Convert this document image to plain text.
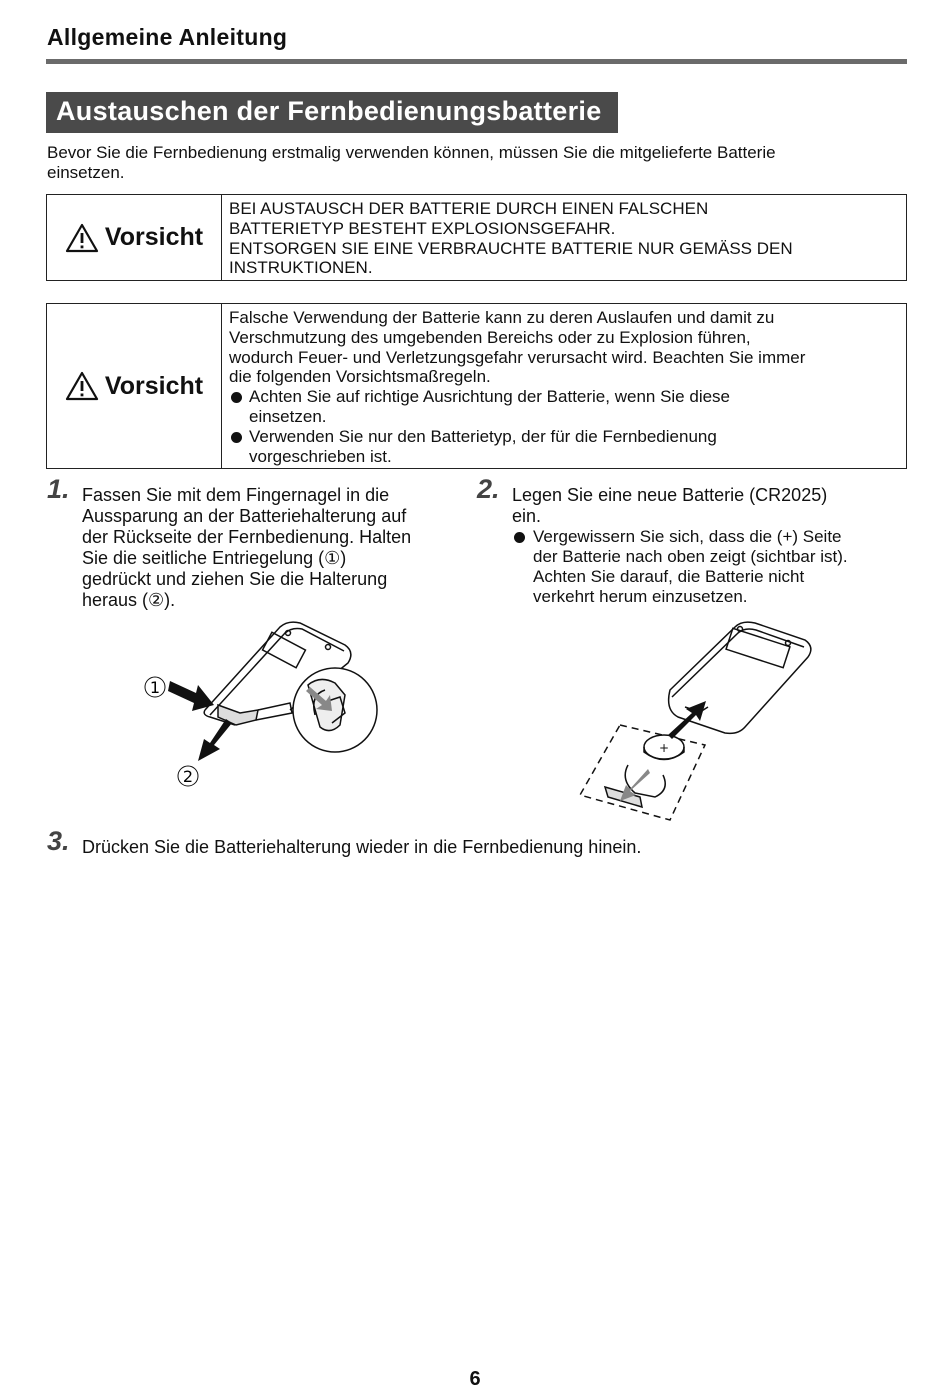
Allgemeine Anleitung
Austauschen der Fernbedienungsbatterie
Bevor Sie die Fernbedienung erstmalig verwenden können, müssen Sie die mitgelieferte Batterie
einsetzen.
Vorsicht
BEI AUSTAUSCH DER BATTERIE DURCH EINEN FALSCHEN
BATTERIETYP BESTEHT EXPLOSIONSGEFAHR.
ENTSORGEN SIE EINE VERBRAUCHTE BATTERIE NUR GEMÄSS DEN
INSTRUKTIONEN.
Vorsicht
Falsche Verwendung der Batterie kann zu deren Auslaufen und damit zu
Verschmutzung des umgebenden Bereichs oder zu Explosion führen,
wodurch Feuer- und Verletzungsgefahr verursacht wird. Beachten Sie immer
die folgenden Vorsichtsmaßregeln.
Achten Sie auf richtige Ausrichtung der Batterie, wenn Sie diese
einsetzen.
Verwenden Sie nur den Batterietyp, der für die Fernbedienung
vorgeschrieben ist.
1. Fassen Sie mit dem Fingernagel in die
Aussparung an der Batteriehalterung auf
der Rückseite der Fernbedienung. Halten
Sie die seitliche Entriegelung (①)
gedrückt und ziehen Sie die Halterung
heraus (②).
1
2
2. Legen Sie eine neue Batterie (CR2025)
ein.
Vergewissern Sie sich, dass die (+) Seite
der Batterie nach oben zeigt (sichtbar ist).
Achten Sie darauf, die Batterie nicht
verkehrt herum einzusetzen.
+
3. Drücken Sie die Batteriehalterung wieder in die Fernbedienung hinein.
6
